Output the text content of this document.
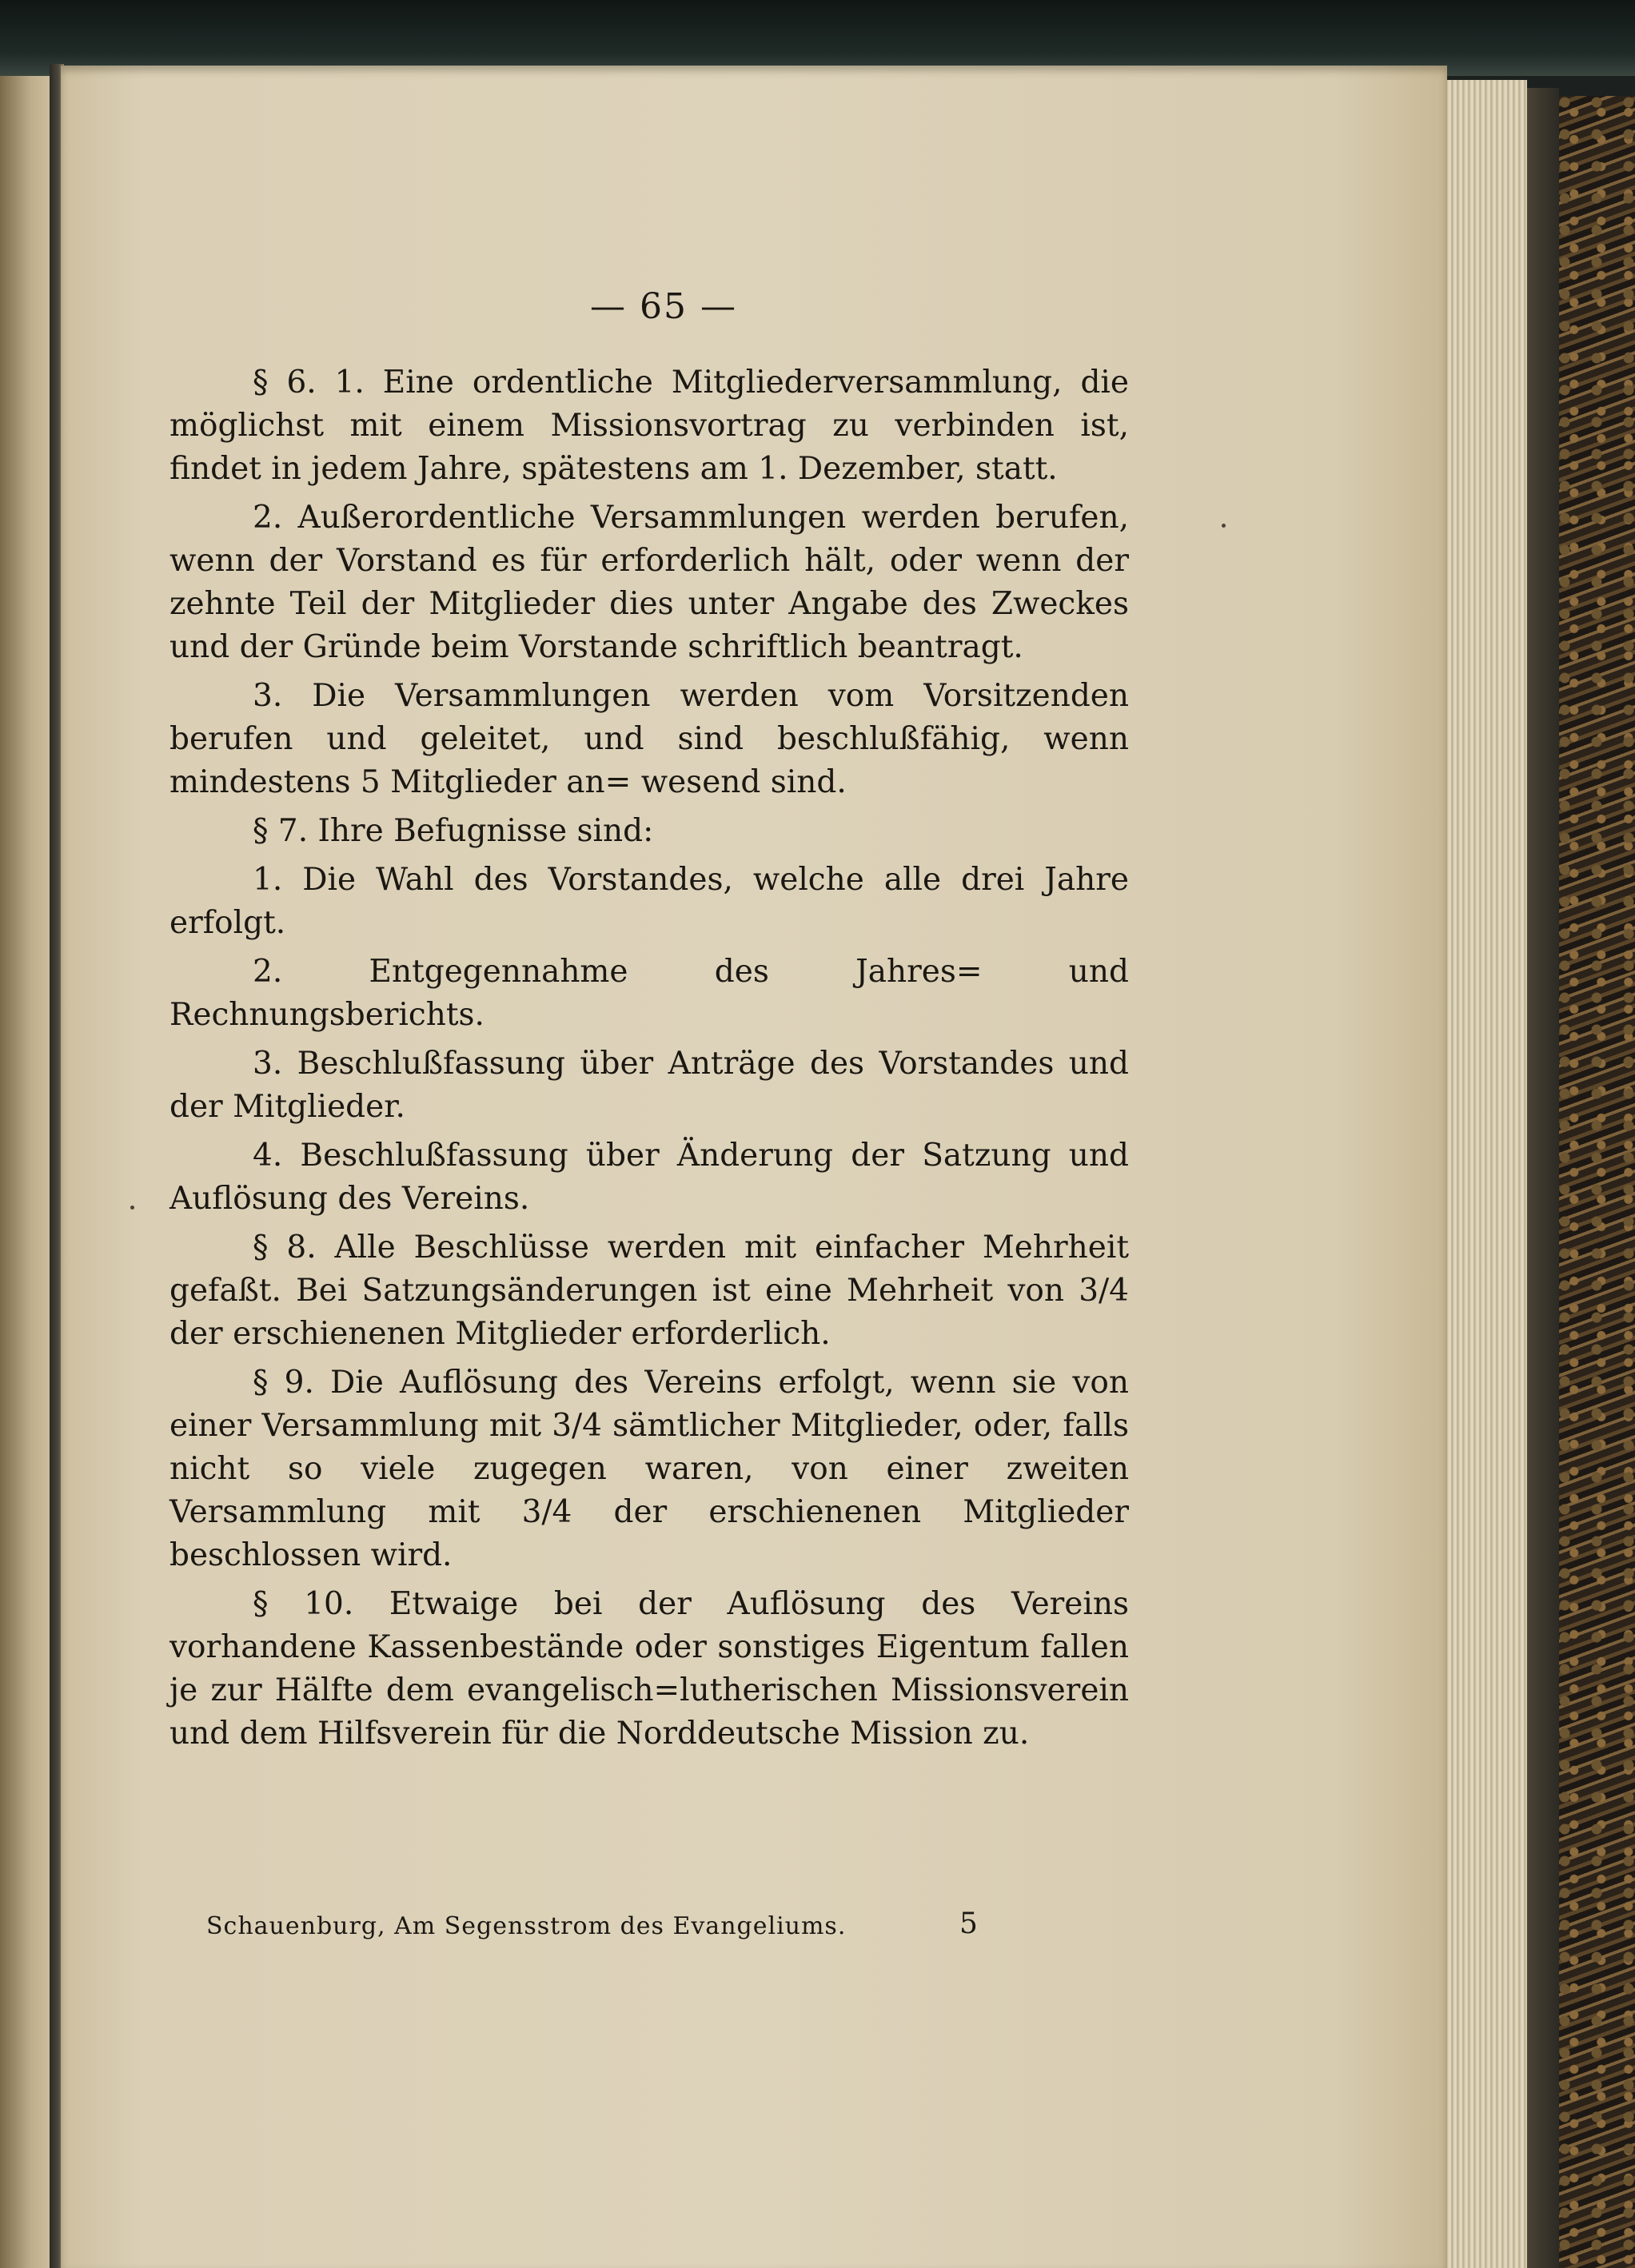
— 65 —

§ 6. 1. Eine ordentliche Mitgliederversammlung, die möglichst mit einem Missionsvortrag zu verbinden ist, findet in jedem Jahre, spätestens am 1. Dezember, statt.

2. Außerordentliche Versammlungen werden berufen, wenn der Vorstand es für erforderlich hält, oder wenn der zehnte Teil der Mitglieder dies unter Angabe des Zweckes und der Gründe beim Vorstande schriftlich beantragt.

3. Die Versammlungen werden vom Vorsitzenden berufen und geleitet, und sind beschlußfähig, wenn mindestens 5 Mitglieder an= wesend sind.

§ 7. Ihre Befugnisse sind:

1. Die Wahl des Vorstandes, welche alle drei Jahre erfolgt.

2. Entgegennahme des Jahres= und Rechnungsberichts.

3. Beschlußfassung über Anträge des Vorstandes und der Mitglieder.

4. Beschlußfassung über Änderung der Satzung und Auflösung des Vereins.

§ 8. Alle Beschlüsse werden mit einfacher Mehrheit gefaßt. Bei Satzungsänderungen ist eine Mehrheit von 3/4 der erschienenen Mitglieder erforderlich.

§ 9. Die Auflösung des Vereins erfolgt, wenn sie von einer Versammlung mit 3/4 sämtlicher Mitglieder, oder, falls nicht so viele zugegen waren, von einer zweiten Versammlung mit 3/4 der erschienenen Mitglieder beschlossen wird.

§ 10. Etwaige bei der Auflösung des Vereins vorhandene Kassenbestände oder sonstiges Eigentum fallen je zur Hälfte dem evangelisch=lutherischen Missionsverein und dem Hilfsverein für die Norddeutsche Mission zu.

Schauenburg, Am Segensstrom des Evangeliums.	5
